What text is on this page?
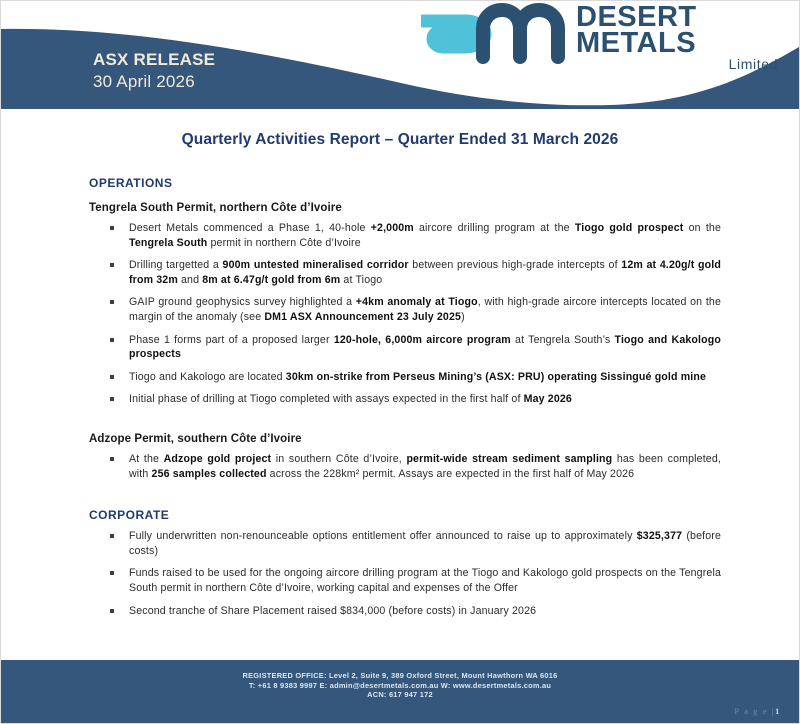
ASX RELEASE
30 April 2026
DESERT
METALS
Limited
Quarterly Activities Report – Quarter Ended 31 March 2026
OPERATIONS
Tengrela South Permit, northern Côte d’Ivoire
Desert Metals commenced a Phase 1, 40-hole +2,000m aircore drilling program at the Tiogo gold prospect on the Tengrela South permit in northern Côte d’Ivoire
Drilling targetted a 900m untested mineralised corridor between previous high-grade intercepts of 12m at 4.20g/t gold from 32m and 8m at 6.47g/t gold from 6m at Tiogo
GAIP ground geophysics survey highlighted a +4km anomaly at Tiogo, with high-grade aircore intercepts located on the margin of the anomaly (see DM1 ASX Announcement 23 July 2025)
Phase 1 forms part of a proposed larger 120-hole, 6,000m aircore program at Tengrela South’s Tiogo and Kakologo prospects
Tiogo and Kakologo are located 30km on-strike from Perseus Mining’s (ASX: PRU) operating Sissingué gold mine
Initial phase of drilling at Tiogo completed with assays expected in the first half of May 2026
Adzope Permit, southern Côte d’Ivoire
At the Adzope gold project in southern Côte d’Ivoire, permit-wide stream sediment sampling has been completed, with 256 samples collected across the 228km² permit. Assays are expected in the first half of May 2026
CORPORATE
Fully underwritten non-renounceable options entitlement offer announced to raise up to approximately $325,377 (before costs)
Funds raised to be used for the ongoing aircore drilling program at the Tiogo and Kakologo gold prospects on the Tengrela South permit in northern Côte d’Ivoire, working capital and expenses of the Offer
Second tranche of Share Placement raised $834,000 (before costs) in January 2026
REGISTERED OFFICE: Level 2, Suite 9, 389 Oxford Street, Mount Hawthorn WA 6016
T: +61 8 9383 9997 E: admin@desertmetals.com.au W: www.desertmetals.com.au
ACN: 617 947 172
P a g e |1
